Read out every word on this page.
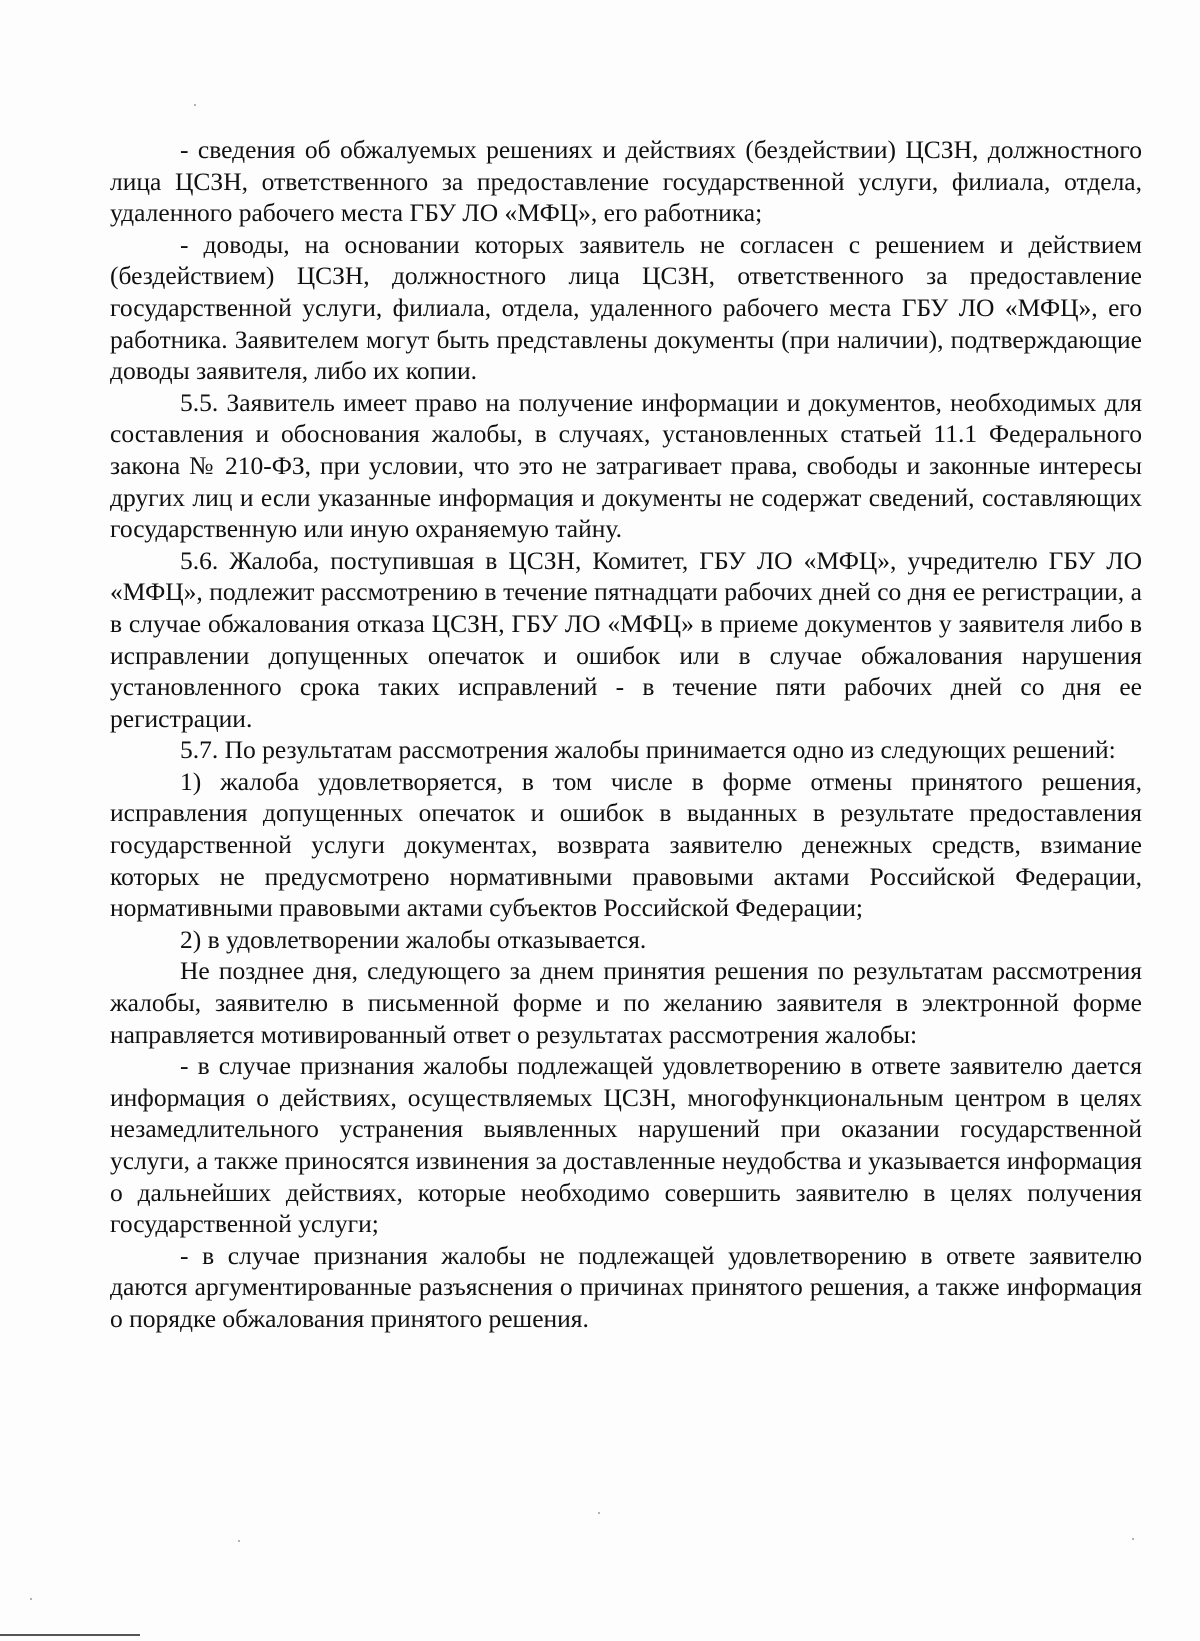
- сведения об обжалуемых решениях и действиях (бездействии) ЦСЗН, должностного лица ЦСЗН, ответственного за предоставление государственной услуги, филиала, отдела, удаленного рабочего места ГБУ ЛО «МФЦ», его работника;

- доводы, на основании которых заявитель не согласен с решением и действием (бездействием) ЦСЗН, должностного лица ЦСЗН, ответственного за предоставление государственной услуги, филиала, отдела, удаленного рабочего места ГБУ ЛО «МФЦ», его работника. Заявителем могут быть представлены документы (при наличии), подтверждающие доводы заявителя, либо их копии.

5.5. Заявитель имеет право на получение информации и документов, необходимых для составления и обоснования жалобы, в случаях, установленных статьей 11.1 Федерального закона № 210-ФЗ, при условии, что это не затрагивает права, свободы и законные интересы других лиц и если указанные информация и документы не содержат сведений, составляющих государственную или иную охраняемую тайну.

5.6. Жалоба, поступившая в ЦСЗН, Комитет, ГБУ ЛО «МФЦ», учредителю ГБУ ЛО «МФЦ», подлежит рассмотрению в течение пятнадцати рабочих дней со дня ее регистрации, а в случае обжалования отказа ЦСЗН, ГБУ ЛО «МФЦ» в приеме документов у заявителя либо в исправлении допущенных опечаток и ошибок или в случае обжалования нарушения установленного срока таких исправлений - в течение пяти рабочих дней со дня ее регистрации.

5.7. По результатам рассмотрения жалобы принимается одно из следующих решений:

1) жалоба удовлетворяется, в том числе в форме отмены принятого решения, исправления допущенных опечаток и ошибок в выданных в результате предоставления государственной услуги документах, возврата заявителю денежных средств, взимание которых не предусмотрено нормативными правовыми актами Российской Федерации, нормативными правовыми актами субъектов Российской Федерации;

2) в удовлетворении жалобы отказывается.

Не позднее дня, следующего за днем принятия решения по результатам рассмотрения жалобы, заявителю в письменной форме и по желанию заявителя в электронной форме направляется мотивированный ответ о результатах рассмотрения жалобы:

- в случае признания жалобы подлежащей удовлетворению в ответе заявителю дается информация о действиях, осуществляемых ЦСЗН, многофункциональным центром в целях незамедлительного устранения выявленных нарушений при оказании государственной услуги, а также приносятся извинения за доставленные неудобства и указывается информация о дальнейших действиях, которые необходимо совершить заявителю в целях получения государственной услуги;

- в случае признания жалобы не подлежащей удовлетворению в ответе заявителю даются аргументированные разъяснения о причинах принятого решения, а также информация о порядке обжалования принятого решения.
